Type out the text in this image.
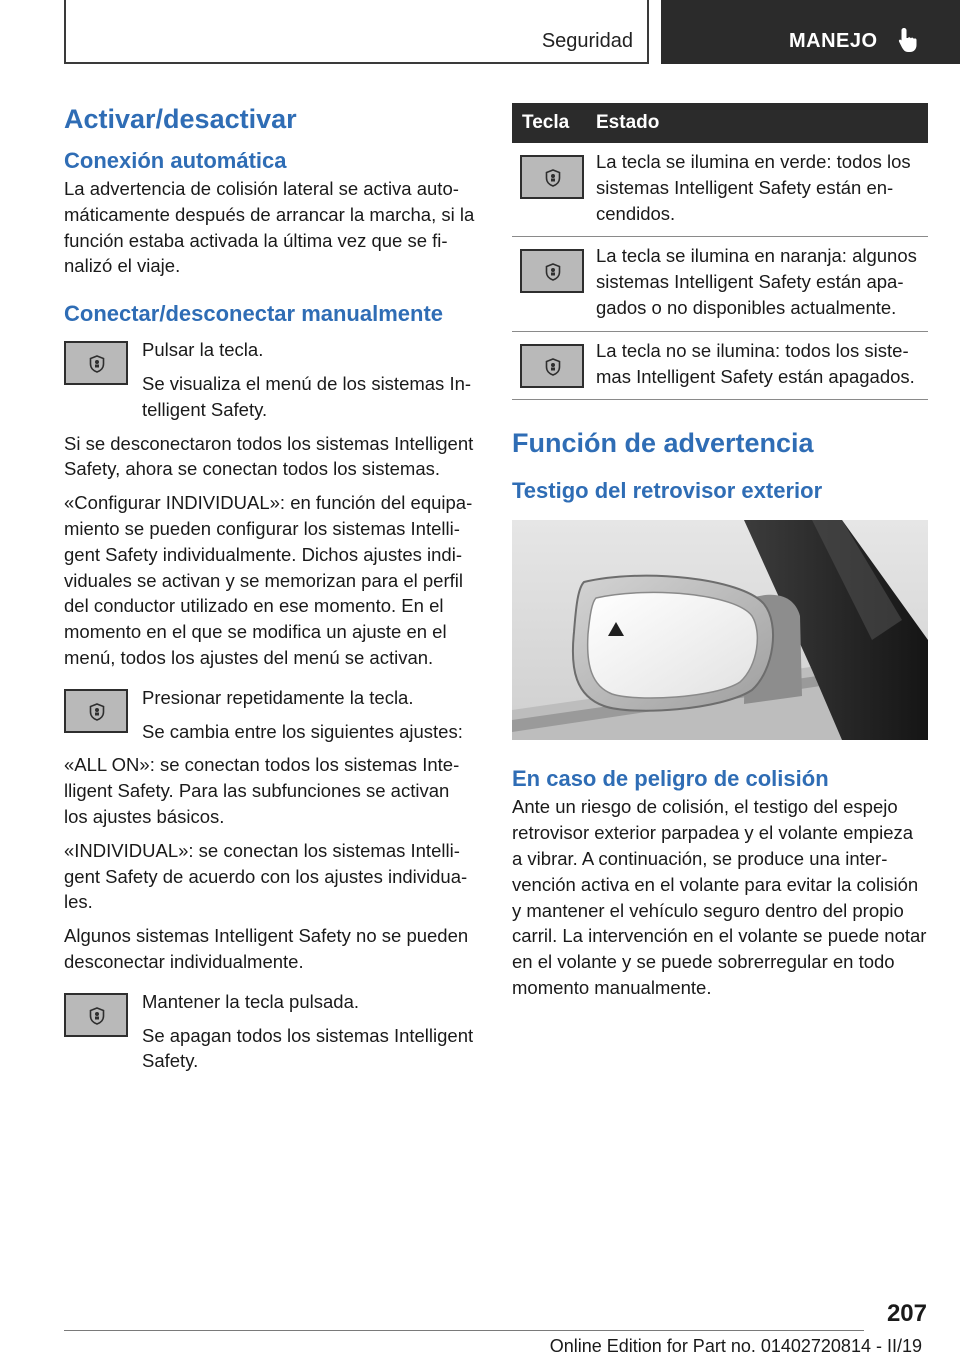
Seguridad	MANEJO
Activar/desactivar
Conexión automática
La advertencia de colisión lateral se activa automáticamente después de arrancar la marcha, si la función estaba activada la última vez que se finalizó el viaje.
Conectar/desconectar manualmente
Pulsar la tecla.
Se visualiza el menú de los sistemas Intelligent Safety.
Si se desconectaron todos los sistemas Intelligent Safety, ahora se conectan todos los sistemas.
«Configurar INDIVIDUAL»: en función del equipamiento se pueden configurar los sistemas Intelligent Safety individualmente. Dichos ajustes individuales se activan y se memorizan para el perfil del conductor utilizado en ese momento. En el momento en el que se modifica un ajuste en el menú, todos los ajustes del menú se activan.
Presionar repetidamente la tecla.
Se cambia entre los siguientes ajustes:
«ALL ON»: se conectan todos los sistemas Intelligent Safety. Para las subfunciones se activan los ajustes básicos.
«INDIVIDUAL»: se conectan los sistemas Intelligent Safety de acuerdo con los ajustes individuales.
Algunos sistemas Intelligent Safety no se pueden desconectar individualmente.
Mantener la tecla pulsada.
Se apagan todos los sistemas Intelligent Safety.
Tecla	Estado

	La tecla se ilumina en verde: todos los sistemas Intelligent Safety están encendidos.

	La tecla se ilumina en naranja: algunos sistemas Intelligent Safety están apagados o no disponibles actualmente.

	La tecla no se ilumina: todos los sistemas Intelligent Safety están apagados.
Función de advertencia
Testigo del retrovisor exterior
En caso de peligro de colisión
Ante un riesgo de colisión, el testigo del espejo retrovisor exterior parpadea y el volante empieza a vibrar. A continuación, se produce una intervención activa en el volante para evitar la colisión y mantener el vehículo seguro dentro del propio carril. La intervención en el volante se puede notar en el volante y se puede sobrerregular en todo momento manualmente.
207
Online Edition for Part no. 01402720814 - II/19
